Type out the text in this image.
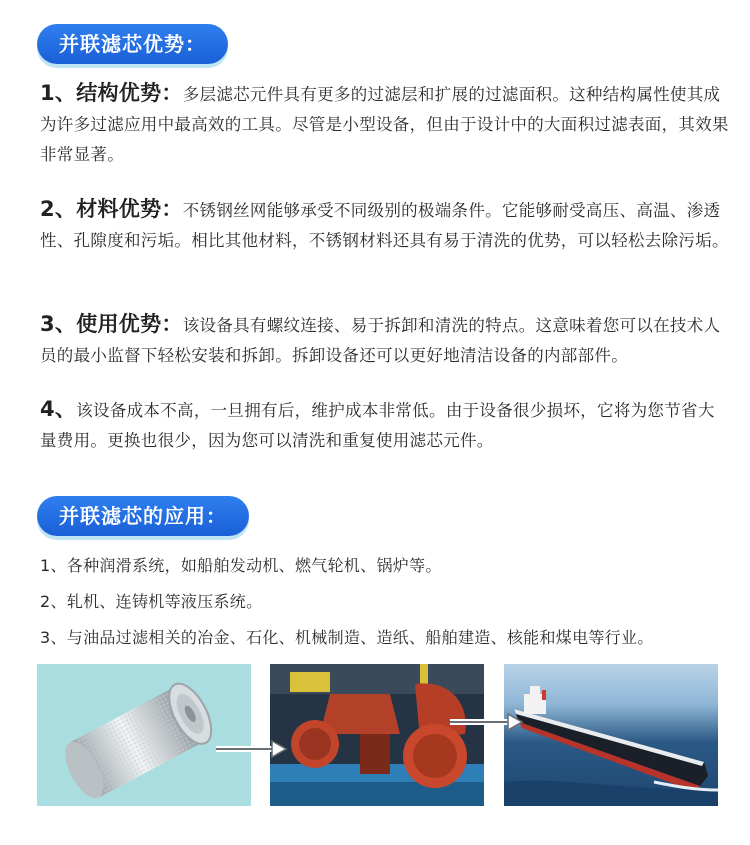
并联滤芯优势：
1、结构优势：多层滤芯元件具有更多的过滤层和扩展的过滤面积。这种结构属性使其成为许多过滤应用中最高效的工具。尽管是小型设备，但由于设计中的大面积过滤表面，其效果非常显著。
2、材料优势：不锈钢丝网能够承受不同级别的极端条件。它能够耐受高压、高温、渗透性、孔隙度和污垢。相比其他材料，不锈钢材料还具有易于清洗的优势，可以轻松去除污垢。
3、使用优势：该设备具有螺纹连接、易于拆卸和清洗的特点。这意味着您可以在技术人员的最小监督下轻松安装和拆卸。拆卸设备还可以更好地清洁设备的内部部件。
4、该设备成本不高，一旦拥有后，维护成本非常低。由于设备很少损坏，它将为您节省大量费用。更换也很少，因为您可以清洗和重复使用滤芯元件。
并联滤芯的应用：
1、各种润滑系统，如船舶发动机、燃气轮机、锅炉等。
2、轧机、连铸机等液压系统。
3、与油品过滤相关的冶金、石化、机械制造、造纸、船舶建造、核能和煤电等行业。
